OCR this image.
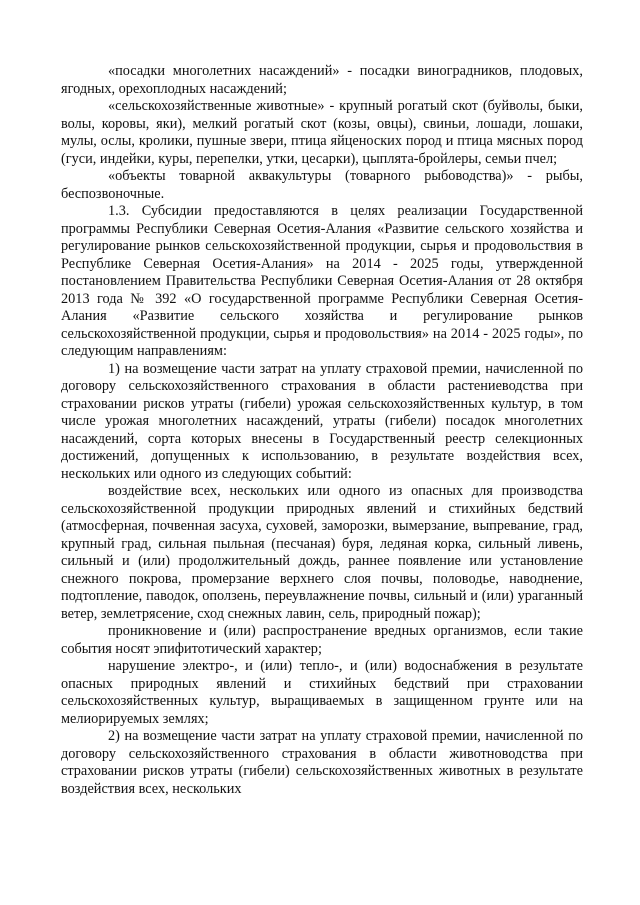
«посадки многолетних насаждений» - посадки виноградников, плодовых, ягодных, орехоплодных насаждений;

«сельскохозяйственные животные» - крупный рогатый скот (буйволы, быки, волы, коровы, яки), мелкий рогатый скот (козы, овцы), свиньи, лошади, лошаки, мулы, ослы, кролики, пушные звери, птица яйценоских пород и птица мясных пород (гуси, индейки, куры, перепелки, утки, цесарки), цыплята-бройлеры, семьи пчел;

«объекты товарной аквакультуры (товарного рыбоводства)» - рыбы, беспозвоночные.

1.3. Субсидии предоставляются в целях реализации Государственной программы Республики Северная Осетия-Алания «Развитие сельского хозяйства и регулирование рынков сельскохозяйственной продукции, сырья и продовольствия в Республике Северная Осетия-Алания» на 2014 - 2025 годы, утвержденной постановлением Правительства Республики Северная Осетия-Алания от 28 октября 2013 года № 392 «О государственной программе Республики Северная Осетия-Алания «Развитие сельского хозяйства и регулирование рынков сельскохозяйственной продукции, сырья и продовольствия» на 2014 - 2025 годы», по следующим направлениям:

1) на возмещение части затрат на уплату страховой премии, начисленной по договору сельскохозяйственного страхования в области растениеводства при страховании рисков утраты (гибели) урожая сельскохозяйственных культур, в том числе урожая многолетних насаждений, утраты (гибели) посадок многолетних насаждений, сорта которых внесены в Государственный реестр селекционных достижений, допущенных к использованию, в результате воздействия всех, нескольких или одного из следующих событий:

воздействие всех, нескольких или одного из опасных для производства сельскохозяйственной продукции природных явлений и стихийных бедствий (атмосферная, почвенная засуха, суховей, заморозки, вымерзание, выпревание, град, крупный град, сильная пыльная (песчаная) буря, ледяная корка, сильный ливень, сильный и (или) продолжительный дождь, раннее появление или установление снежного покрова, промерзание верхнего слоя почвы, половодье, наводнение, подтопление, паводок, оползень, переувлажнение почвы, сильный и (или) ураганный ветер, землетрясение, сход снежных лавин, сель, природный пожар);

проникновение и (или) распространение вредных организмов, если такие события носят эпифитотический характер;

нарушение электро-, и (или) тепло-, и (или) водоснабжения в результате опасных природных явлений и стихийных бедствий при страховании сельскохозяйственных культур, выращиваемых в защищенном грунте или на мелиорируемых землях;

2) на возмещение части затрат на уплату страховой премии, начисленной по договору сельскохозяйственного страхования в области животноводства при страховании рисков утраты (гибели) сельскохозяйственных животных в результате воздействия всех, нескольких
